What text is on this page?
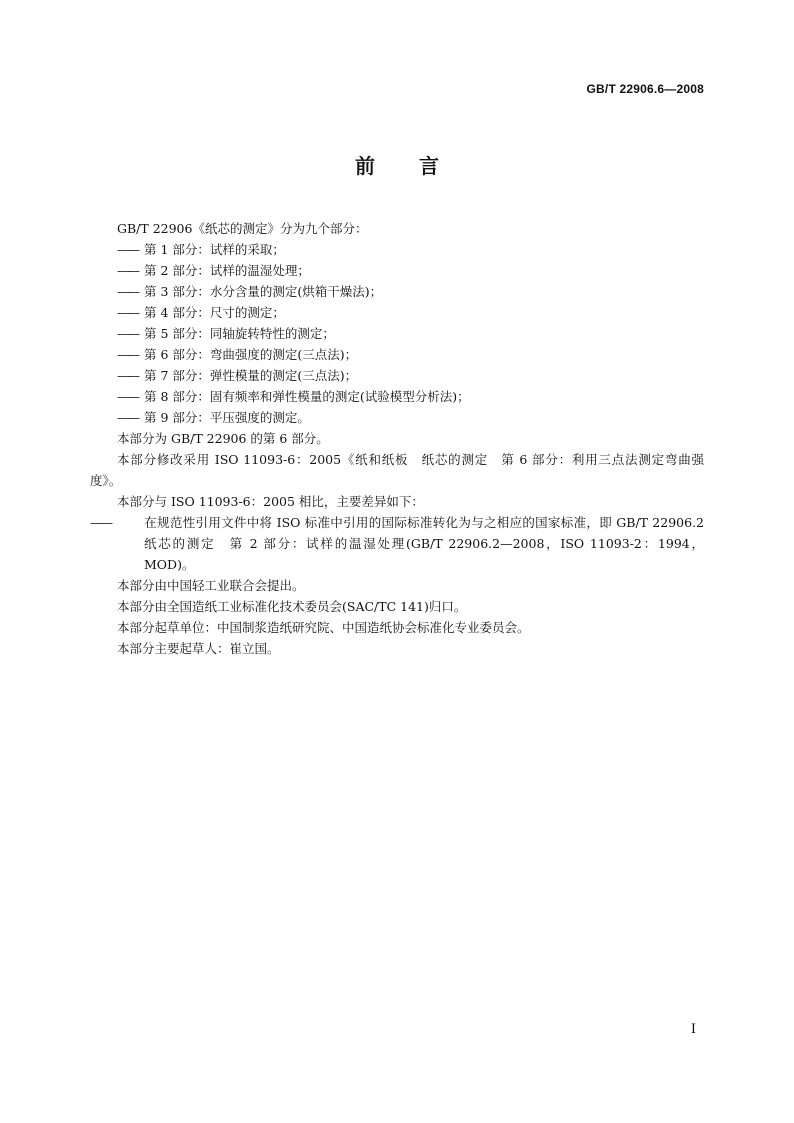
GB/T 22906.6—2008
前 言

GB/T 22906《纸芯的测定》分为九个部分：

—— 第 1 部分：试样的采取；

—— 第 2 部分：试样的温湿处理；

—— 第 3 部分：水分含量的测定(烘箱干燥法)；

—— 第 4 部分：尺寸的测定；

—— 第 5 部分：同轴旋转特性的测定；

—— 第 6 部分：弯曲强度的测定(三点法)；

—— 第 7 部分：弹性模量的测定(三点法)；

—— 第 8 部分：固有频率和弹性模量的测定(试验模型分析法)；

—— 第 9 部分：平压强度的测定。

本部分为 GB/T 22906 的第 6 部分。

本部分修改采用 ISO 11093-6：2005《纸和纸板　纸芯的测定　第 6 部分：利用三点法测定弯曲强度》。

本部分与 ISO 11093-6：2005 相比，主要差异如下：

——	在规范性引用文件中将 ISO 标准中引用的国际标准转化为与之相应的国家标准，即 GB/T 22906.2　纸芯的测定　第 2 部分：试样的温湿处理(GB/T 22906.2—2008，ISO 11093-2：1994，MOD)。

本部分由中国轻工业联合会提出。

本部分由全国造纸工业标准化技术委员会(SAC/TC 141)归口。

本部分起草单位：中国制浆造纸研究院、中国造纸协会标准化专业委员会。

本部分主要起草人：崔立国。

I
